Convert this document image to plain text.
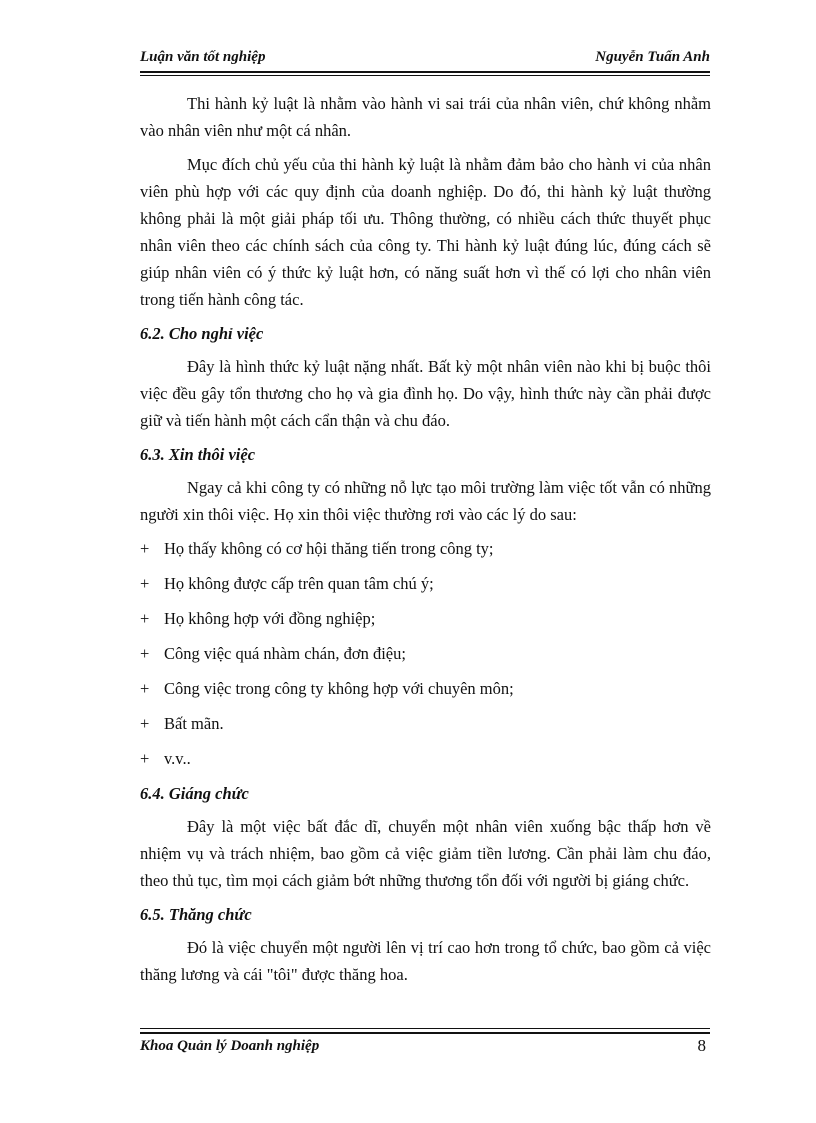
Luận văn tốt nghiệp	Nguyễn Tuấn Anh

Thi hành kỷ luật là nhằm vào hành vi sai trái của nhân viên, chứ không nhằm vào nhân viên như một cá nhân.

Mục đích chủ yếu của thi hành kỷ luật là nhằm đảm bảo cho hành vi của nhân viên phù hợp với các quy định của doanh nghiệp. Do đó, thi hành kỷ luật thường không phải là một giải pháp tối ưu. Thông thường, có nhiều cách thức thuyết phục nhân viên theo các chính sách của công ty. Thi hành kỷ luật đúng lúc, đúng cách sẽ giúp nhân viên có ý thức kỷ luật hơn, có năng suất hơn vì thế có lợi cho nhân viên trong tiến hành công tác.

6.2. Cho nghỉ việc

Đây là hình thức kỷ luật nặng nhất. Bất kỳ một nhân viên nào khi bị buộc thôi việc đều gây tổn thương cho họ và gia đình họ. Do vậy, hình thức này cần phải được giữ và tiến hành một cách cẩn thận và chu đáo.

6.3. Xin thôi việc

Ngay cả khi công ty có những nỗ lực tạo môi trường làm việc tốt vẫn có những người xin thôi việc. Họ xin thôi việc thường rơi vào các lý do sau:

+ Họ thấy không có cơ hội thăng tiến trong công ty;
+ Họ không được cấp trên quan tâm chú ý;
+ Họ không hợp với đồng nghiệp;
+ Công việc quá nhàm chán, đơn điệu;
+ Công việc trong công ty không hợp với chuyên môn;
+ Bất mãn.
+ v.v..
6.4. Giáng chức

Đây là một việc bất đắc dĩ, chuyển một nhân viên xuống bậc thấp hơn về nhiệm vụ và trách nhiệm, bao gồm cả việc giảm tiền lương. Cần phải làm chu đáo, theo thủ tục, tìm mọi cách giảm bớt những thương tổn đối với người bị giáng chức.

6.5. Thăng chức

Đó là việc chuyển một người lên vị trí cao hơn trong tổ chức, bao gồm cả việc thăng lương và cái "tôi" được thăng hoa.

Khoa Quản lý Doanh nghiệp	8
